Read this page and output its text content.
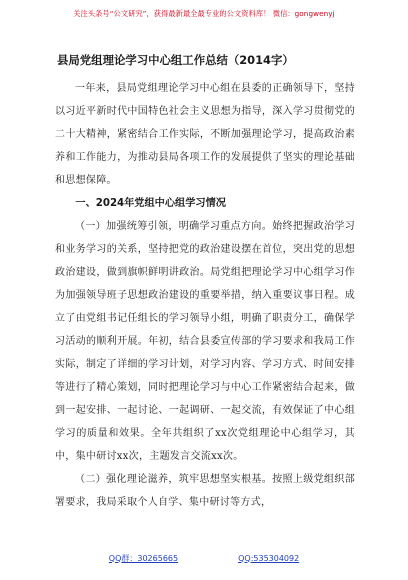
关注头条号“公文研究”，获得最新最全最专业的公文资料库！ 微信：gongwenyj
县局党组理论学习中心组工作总结（2014字）

一年来，县局党组理论学习中心组在县委的正确领导下，坚持以习近平新时代中国特色社会主义思想为指导，深入学习贯彻党的二十大精神，紧密结合工作实际，不断加强理论学习，提高政治素养和工作能力，为推动县局各项工作的发展提供了坚实的理论基础和思想保障。

一、2024年党组中心组学习情况

（一）加强统筹引领，明确学习重点方向。始终把握政治学习和业务学习的关系，坚持把党的政治建设摆在首位，突出党的思想政治建设，做到旗帜鲜明讲政治。局党组把理论学习中心组学习作为加强领导班子思想政治建设的重要举措，纳入重要议事日程。成立了由党组书记任组长的学习领导小组，明确了职责分工，确保学习活动的顺利开展。年初，结合县委宣传部的学习要求和我局工作实际，制定了详细的学习计划，对学习内容、学习方式、时间安排等进行了精心策划，同时把理论学习与中心工作紧密结合起来，做到一起安排、一起讨论、一起调研、一起交流，有效保证了中心组学习的质量和效果。全年共组织了xx次党组理论中心组学习，其中，集中研讨xx次，主题发言交流xx次。

（二）强化理论滋养，筑牢思想坚实根基。按照上级党组织部署要求，我局采取个人自学、集中研讨等方式，

QQ群：30265665	QQ:535304092
